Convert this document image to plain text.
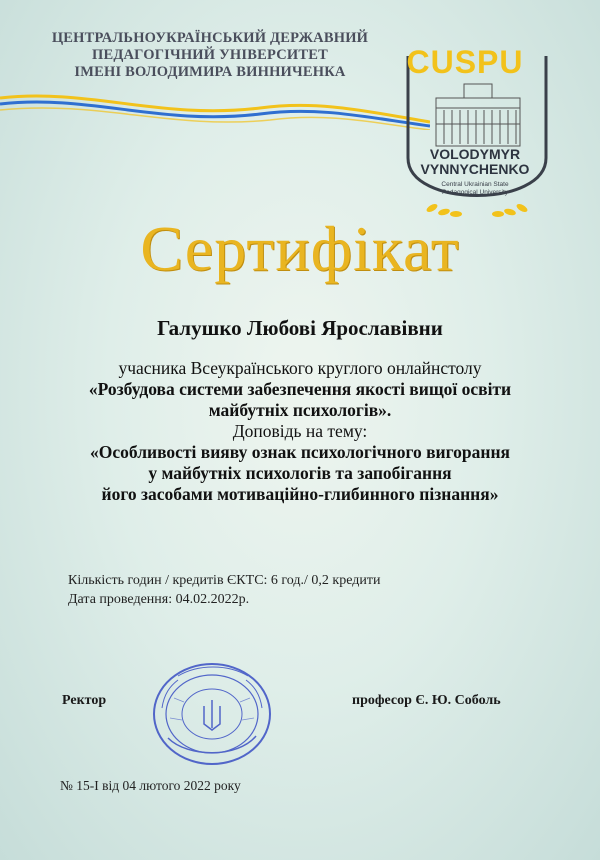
ЦЕНТРАЛЬНОУКРАЇНСЬКИЙ ДЕРЖАВНИЙ
ПЕДАГОГІЧНИЙ УНІВЕРСИТЕТ
ІМЕНІ ВОЛОДИМИРА ВИННИЧЕНКА	CUSPU
VOLODYMYR
VYNNYCHENKO
Central Ukrainian State
Pedagogical University
Сертифікат
Галушко Любові Ярославівни
учасника Всеукраїнського круглого онлайнстолу
«Розбудова системи забезпечення якості вищої освіти
майбутніх психологів».
Доповідь на тему:
«Особливості вияву ознак психологічного вигорання
у майбутніх психологів та запобігання
його засобами мотиваційно-глибинного пізнання»
Кількість годин / кредитів ЄКТС: 6 год./ 0,2 кредити
Дата проведення: 04.02.2022р.
Ректор	професор Є. Ю. Соболь
№ 15-І від 04 лютого 2022 року
